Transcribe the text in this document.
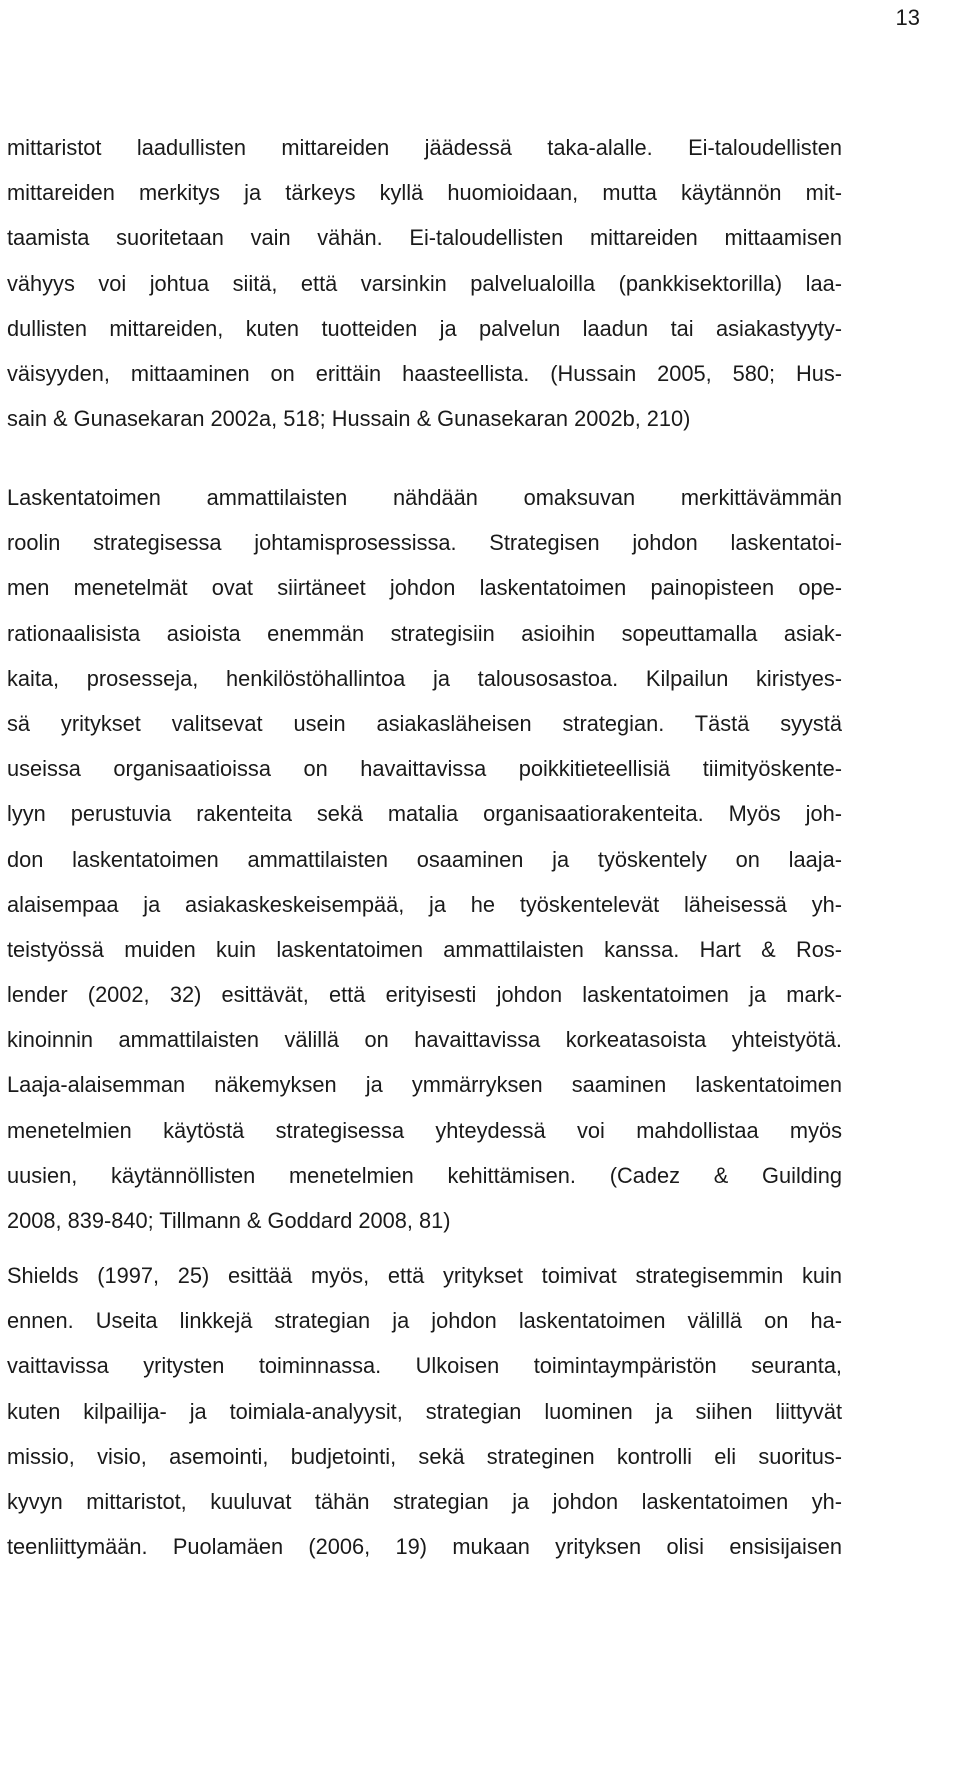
13
mittaristot laadullisten mittareiden jäädessä taka-alalle. Ei-taloudellisten
mittareiden merkitys ja tärkeys kyllä huomioidaan, mutta käytännön mit-
taamista suoritetaan vain vähän. Ei-taloudellisten mittareiden mittaamisen
vähyys voi johtua siitä, että varsinkin palvelualoilla (pankkisektorilla) laa-
dullisten mittareiden, kuten tuotteiden ja palvelun laadun tai asiakastyyty-
väisyyden, mittaaminen on erittäin haasteellista. (Hussain 2005, 580; Hus-
sain & Gunasekaran 2002a, 518; Hussain & Gunasekaran 2002b, 210)
Laskentatoimen ammattilaisten nähdään omaksuvan merkittävämmän
roolin strategisessa johtamisprosessissa. Strategisen johdon laskentatoi-
men menetelmät ovat siirtäneet johdon laskentatoimen painopisteen ope-
rationaalisista asioista enemmän strategisiin asioihin sopeuttamalla asiak-
kaita, prosesseja, henkilöstöhallintoa ja talousosastoa. Kilpailun kiristyes-
sä yritykset valitsevat usein asiakasläheisen strategian. Tästä syystä
useissa organisaatioissa on havaittavissa poikkitieteellisiä tiimityöskente-
lyyn perustuvia rakenteita sekä matalia organisaatiorakenteita. Myös joh-
don laskentatoimen ammattilaisten osaaminen ja työskentely on laaja-
alaisempaa ja asiakaskeskeisempää, ja he työskentelevät läheisessä yh-
teistyössä muiden kuin laskentatoimen ammattilaisten kanssa. Hart & Ros-
lender (2002, 32) esittävät, että erityisesti johdon laskentatoimen ja mark-
kinoinnin ammattilaisten välillä on havaittavissa korkeatasoista yhteistyötä.
Laaja-alaisemman näkemyksen ja ymmärryksen saaminen laskentatoimen
menetelmien käytöstä strategisessa yhteydessä voi mahdollistaa myös
uusien, käytännöllisten menetelmien kehittämisen. (Cadez & Guilding
2008, 839-840; Tillmann & Goddard 2008, 81)
Shields (1997, 25) esittää myös, että yritykset toimivat strategisemmin kuin
ennen. Useita linkkejä strategian ja johdon laskentatoimen välillä on ha-
vaittavissa yritysten toiminnassa. Ulkoisen toimintaympäristön seuranta,
kuten kilpailija- ja toimiala-analyysit, strategian luominen ja siihen liittyvät
missio, visio, asemointi, budjetointi, sekä strateginen kontrolli eli suoritus-
kyvyn mittaristot, kuuluvat tähän strategian ja johdon laskentatoimen yh-
teenliittymään. Puolamäen (2006, 19) mukaan yrityksen olisi ensisijaisen
